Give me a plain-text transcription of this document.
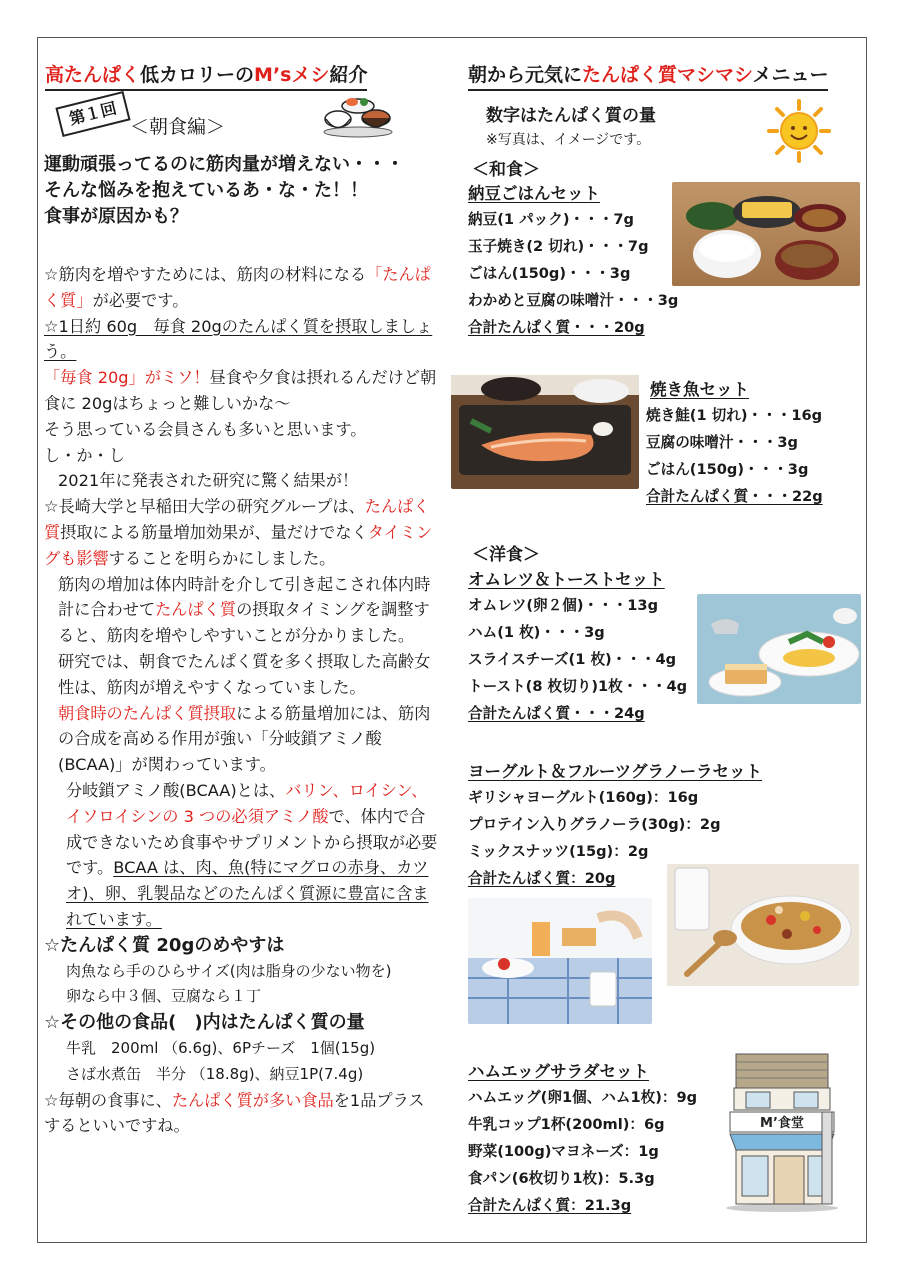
高たんぱく低カロリーのM’sメシ紹介
第１回 ＜朝食編＞
運動頑張ってるのに筋肉量が増えない・・・
そんな悩みを抱えているあ・な・た！！
食事が原因かも？

☆筋肉を増やすためには、筋肉の材料になる「たんぱく質」が必要です。

☆1日約 60g　毎食 20gのたんぱく質を摂取しましょう。

「毎食 20g」がミソ！昼食や夕食は摂れるんだけど朝食に 20gはちょっと難しいかな～

そう思っている会員さんも多いと思います。

し・か・し

2021年に発表された研究に驚く結果が！

☆長崎大学と早稲田大学の研究グループは、たんぱく質摂取による筋量増加効果が、量だけでなくタイミングも影響することを明らかにしました。

筋肉の増加は体内時計を介して引き起こされ体内時計に合わせてたんぱく質の摂取タイミングを調整すると、筋肉を増やしやすいことが分かりました。

研究では、朝食でたんぱく質を多く摂取した高齢女性は、筋肉が増えやすくなっていました。

朝食時のたんぱく質摂取による筋量増加には、筋肉の合成を高める作用が強い「分岐鎖アミノ酸(BCAA)」が関わっています。

分岐鎖アミノ酸(BCAA)とは、バリン、ロイシン、イソロイシンの 3 つの必須アミノ酸で、体内で合成できないため食事やサプリメントから摂取が必要です。BCAA は、肉、魚(特にマグロの赤身、カツオ)、卵、乳製品などのたんぱく質源に豊富に含まれています。

☆たんぱく質 20gのめやすは

肉魚なら手のひらサイズ(肉は脂身の少ない物を)

卵なら中３個、豆腐なら１丁

☆その他の食品(　)内はたんぱく質の量

牛乳　200ml （6.6g)、6Pチーズ　1個(15g)

さば水煮缶　半分 （18.8g)、納豆1P(7.4g)

☆毎朝の食事に、たんぱく質が多い食品を1品プラスするといいですね。

朝から元気にたんぱく質マシマシメニュー
数字はたんぱく質の量
※写真は、イメージです。
＜和食＞
納豆ごはんセット
納豆(1 パック)・・・7g
玉子焼き(2 切れ)・・・7g
ごはん(150g)・・・3g
わかめと豆腐の味噌汁・・・3g
合計たんぱく質・・・20g
焼き魚セット
焼き鮭(1 切れ)・・・16g
豆腐の味噌汁・・・3g
ごはん(150g)・・・3g
合計たんぱく質・・・22g
＜洋食＞
オムレツ＆トーストセット
オムレツ(卵２個)・・・13g
ハム(1 枚)・・・3g
スライスチーズ(1 枚)・・・4g
トースト(8 枚切り)1枚・・・4g
合計たんぱく質・・・24g
ヨーグルト＆フルーツグラノーラセット
ギリシャヨーグルト(160g)：16g
プロテイン入りグラノーラ(30g)：2g
ミックスナッツ(15g)：2g
合計たんぱく質：20g
ハムエッグサラダセット
ハムエッグ(卵1個、ハム1枚)：9g
牛乳コップ1杯(200ml)：6g
野菜(100g)マヨネーズ：1g
食パン(6枚切り1枚)：5.3g
合計たんぱく質：21.3g
M’食堂
